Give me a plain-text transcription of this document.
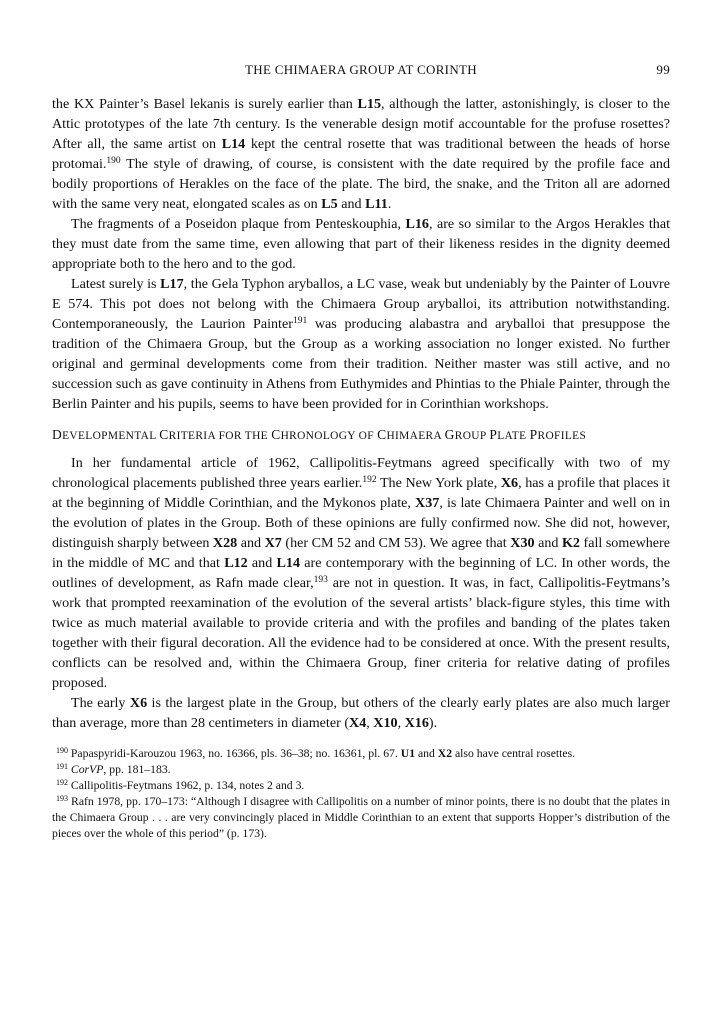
THE CHIMAERA GROUP AT CORINTH	99

the KX Painter’s Basel lekanis is surely earlier than L15, although the latter, astonishingly, is closer to the Attic prototypes of the late 7th century. Is the venerable design motif accountable for the profuse rosettes? After all, the same artist on L14 kept the central rosette that was traditional between the heads of horse protomai.$^{190}$ The style of drawing, of course, is consistent with the date required by the profile face and bodily proportions of Herakles on the face of the plate. The bird, the snake, and the Triton all are adorned with the same very neat, elongated scales as on L5 and L11.

The fragments of a Poseidon plaque from Penteskouphia, L16, are so similar to the Argos Herakles that they must date from the same time, even allowing that part of their likeness resides in the dignity deemed appropriate both to the hero and to the god.

Latest surely is L17, the Gela Typhon aryballos, a LC vase, weak but undeniably by the Painter of Louvre E 574. This pot does not belong with the Chimaera Group aryballoi, its attribution notwithstanding. Contemporaneously, the Laurion Painter$^{191}$ was producing alabastra and aryballoi that presuppose the tradition of the Chimaera Group, but the Group as a working association no longer existed. No further original and germinal developments come from their tradition. Neither master was still active, and no succession such as gave continuity in Athens from Euthymides and Phintias to the Phiale Painter, through the Berlin Painter and his pupils, seems to have been provided for in Corinthian workshops.

DEVELOPMENTAL CRITERIA FOR THE CHRONOLOGY OF CHIMAERA GROUP PLATE PROFILES

In her fundamental article of 1962, Callipolitis-Feytmans agreed specifically with two of my chronological placements published three years earlier.$^{192}$ The New York plate, X6, has a profile that places it at the beginning of Middle Corinthian, and the Mykonos plate, X37, is late Chimaera Painter and well on in the evolution of plates in the Group. Both of these opinions are fully confirmed now. She did not, however, distinguish sharply between X28 and X7 (her CM 52 and CM 53). We agree that X30 and K2 fall somewhere in the middle of MC and that L12 and L14 are contemporary with the beginning of LC. In other words, the outlines of development, as Rafn made clear,$^{193}$ are not in question. It was, in fact, Callipolitis-Feytmans’s work that prompted reexamination of the evolution of the several artists’ black-figure styles, this time with twice as much material available to provide criteria and with the profiles and banding of the plates taken together with their figural decoration. All the evidence had to be considered at once. With the present results, conflicts can be resolved and, within the Chimaera Group, finer criteria for relative dating of profiles proposed.

The early X6 is the largest plate in the Group, but others of the clearly early plates are also much larger than average, more than 28 centimeters in diameter (X4, X10, X16).

$^{190}$ Papaspyridi-Karouzou 1963, no. 16366, pls. 36–38; no. 16361, pl. 67. U1 and X2 also have central rosettes.

$^{191}$ CorVP, pp. 181–183.

$^{192}$ Callipolitis-Feytmans 1962, p. 134, notes 2 and 3.

$^{193}$ Rafn 1978, pp. 170–173: “Although I disagree with Callipolitis on a number of minor points, there is no doubt that the plates in the Chimaera Group . . . are very convincingly placed in Middle Corinthian to an extent that supports Hopper’s distribution of the pieces over the whole of this period” (p. 173).
